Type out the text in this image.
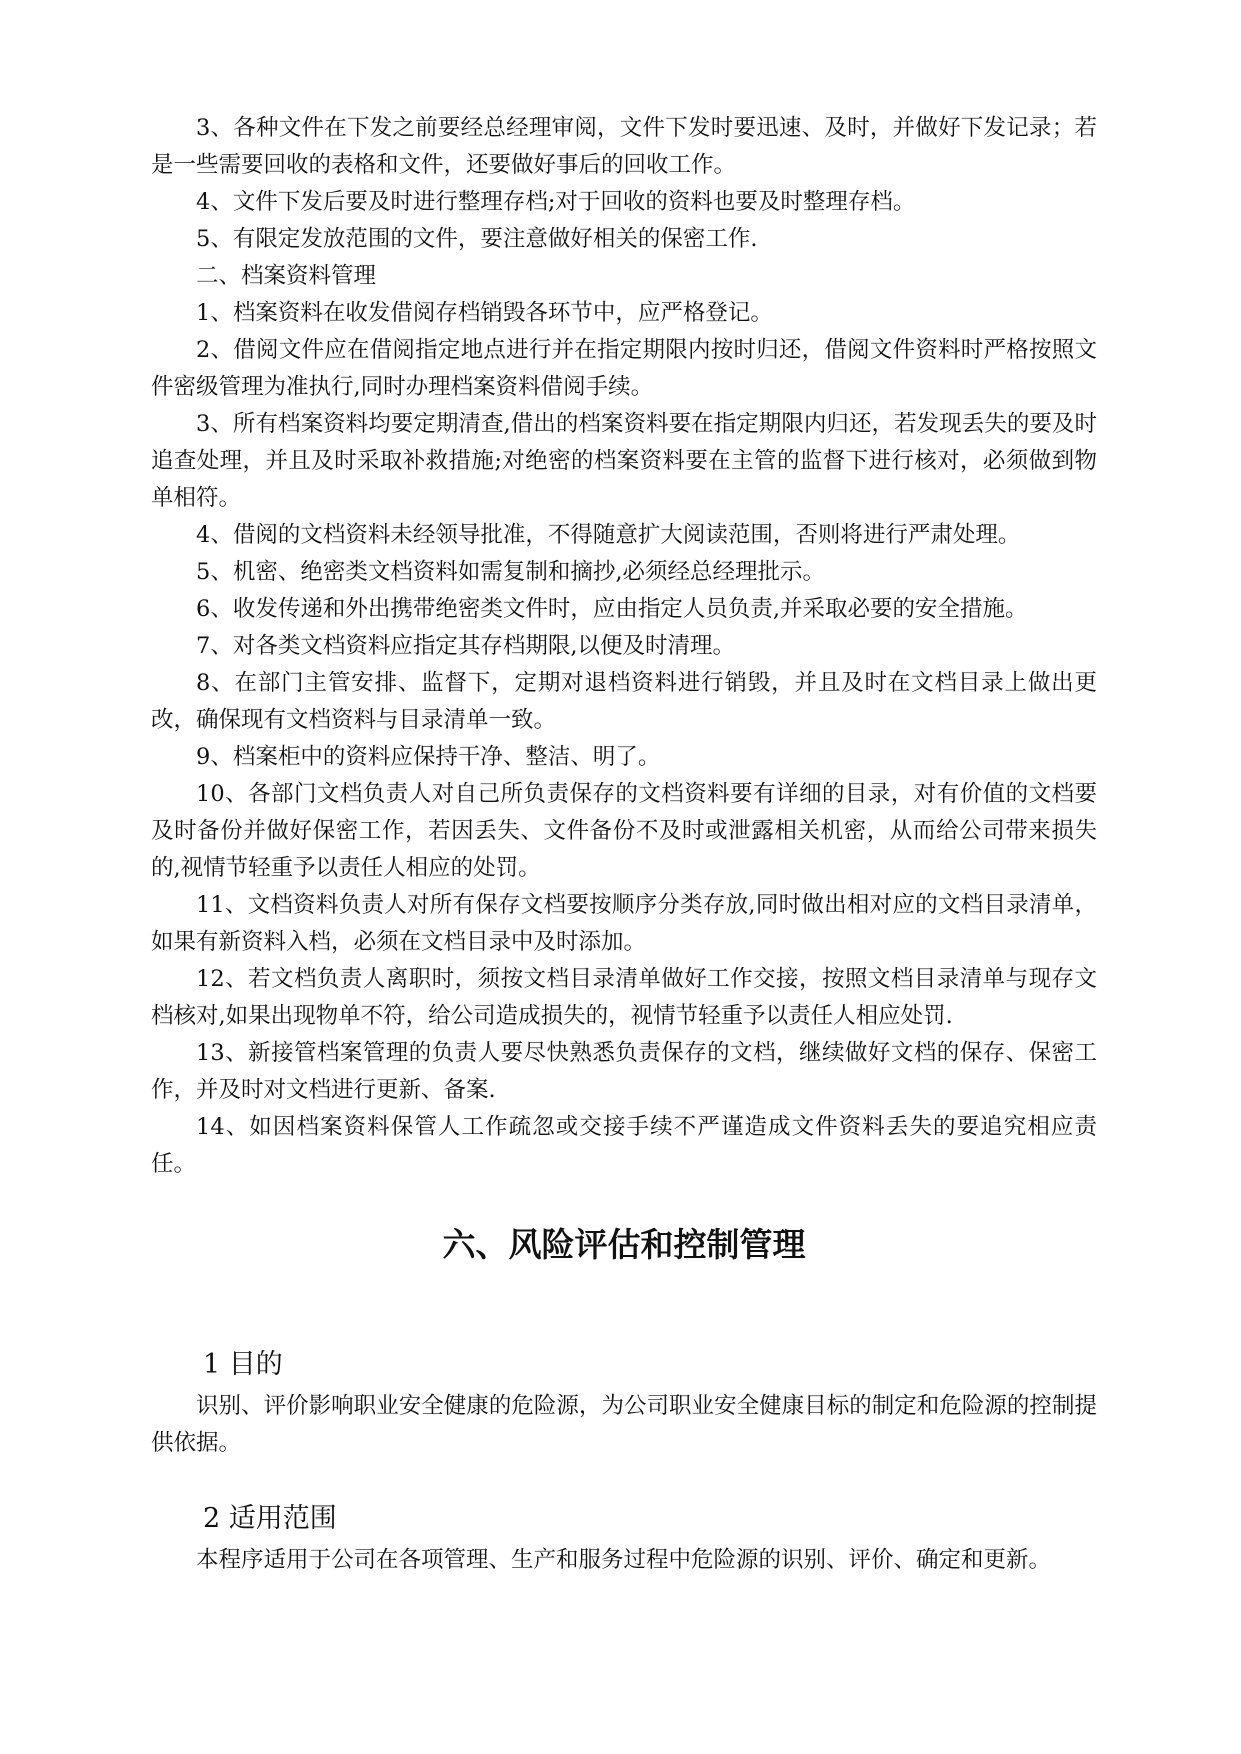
3、各种文件在下发之前要经总经理审阅，文件下发时要迅速、及时，并做好下发记录；若是一些需要回收的表格和文件，还要做好事后的回收工作。

4、文件下发后要及时进行整理存档;对于回收的资料也要及时整理存档。

5、有限定发放范围的文件，要注意做好相关的保密工作.

二、档案资料管理

1、档案资料在收发借阅存档销毁各环节中，应严格登记。

2、借阅文件应在借阅指定地点进行并在指定期限内按时归还，借阅文件资料时严格按照文件密级管理为准执行,同时办理档案资料借阅手续。

3、所有档案资料均要定期清查,借出的档案资料要在指定期限内归还，若发现丢失的要及时追查处理，并且及时采取补救措施;对绝密的档案资料要在主管的监督下进行核对，必须做到物单相符。

4、借阅的文档资料未经领导批准，不得随意扩大阅读范围，否则将进行严肃处理。

5、机密、绝密类文档资料如需复制和摘抄,必须经总经理批示。

6、收发传递和外出携带绝密类文件时，应由指定人员负责,并采取必要的安全措施。

7、对各类文档资料应指定其存档期限,以便及时清理。

8、在部门主管安排、监督下，定期对退档资料进行销毁，并且及时在文档目录上做出更改，确保现有文档资料与目录清单一致。

9、档案柜中的资料应保持干净、整洁、明了。

10、各部门文档负责人对自己所负责保存的文档资料要有详细的目录，对有价值的文档要及时备份并做好保密工作，若因丢失、文件备份不及时或泄露相关机密，从而给公司带来损失的,视情节轻重予以责任人相应的处罚。

11、文档资料负责人对所有保存文档要按顺序分类存放,同时做出相对应的文档目录清单，如果有新资料入档，必须在文档目录中及时添加。

12、若文档负责人离职时，须按文档目录清单做好工作交接，按照文档目录清单与现存文档核对,如果出现物单不符，给公司造成损失的，视情节轻重予以责任人相应处罚.

13、新接管档案管理的负责人要尽快熟悉负责保存的文档，继续做好文档的保存、保密工作，并及时对文档进行更新、备案.

14、如因档案资料保管人工作疏忽或交接手续不严谨造成文件资料丢失的要追究相应责任。

六、风险评估和控制管理
1 目的

识别、评价影响职业安全健康的危险源，为公司职业安全健康目标的制定和危险源的控制提供依据。

2 适用范围

本程序适用于公司在各项管理、生产和服务过程中危险源的识别、评价、确定和更新。
